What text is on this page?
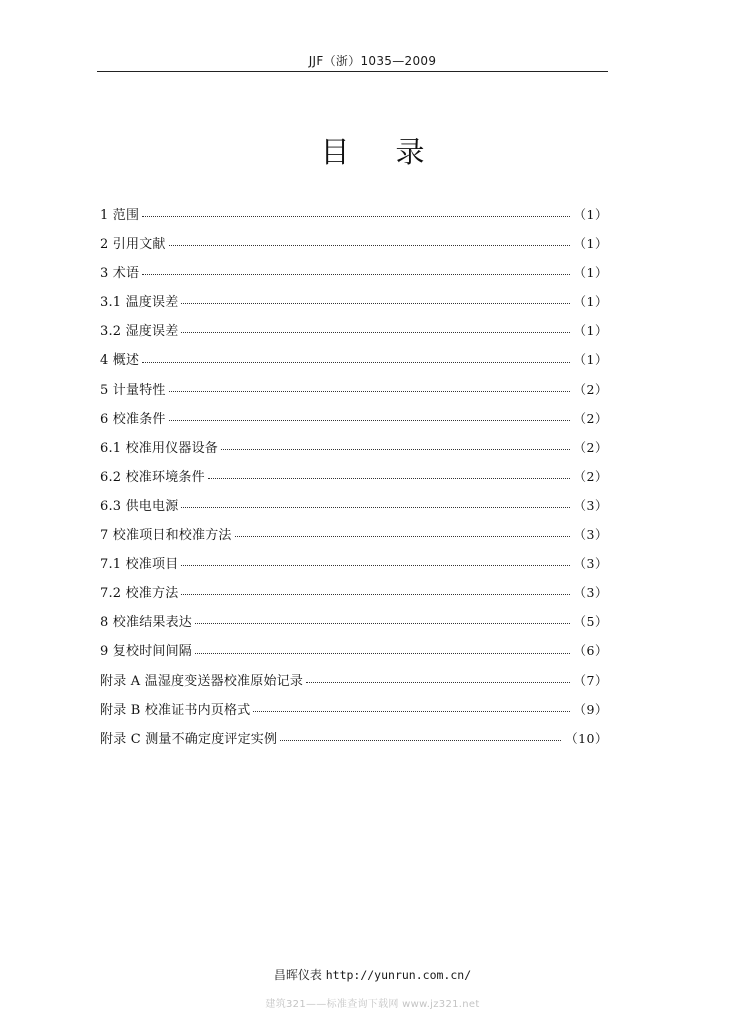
JJF（浙）1035—2009
目录
1 范围	（1）
2 引用文献	（1）
3 术语	（1）
3.1 温度误差	（1）
3.2 湿度误差	（1）
4 概述	（1）
5 计量特性	（2）
6 校准条件	（2）
6.1 校准用仪器设备	（2）
6.2 校准环境条件	（2）
6.3 供电电源	（3）
7 校准项日和校准方法	（3）
7.1 校准项目	（3）
7.2 校准方法	（3）
8 校准结果表达	（5）
9 复校时间间隔	（6）
附录 A 温湿度变送器校准原始记录	（7）
附录 B 校准证书内页格式	（9）
附录 C 测量不确定度评定实例	（10）
昌晖仪表 http://yunrun.com.cn/
建筑321——标准查询下载网 www.jz321.net
